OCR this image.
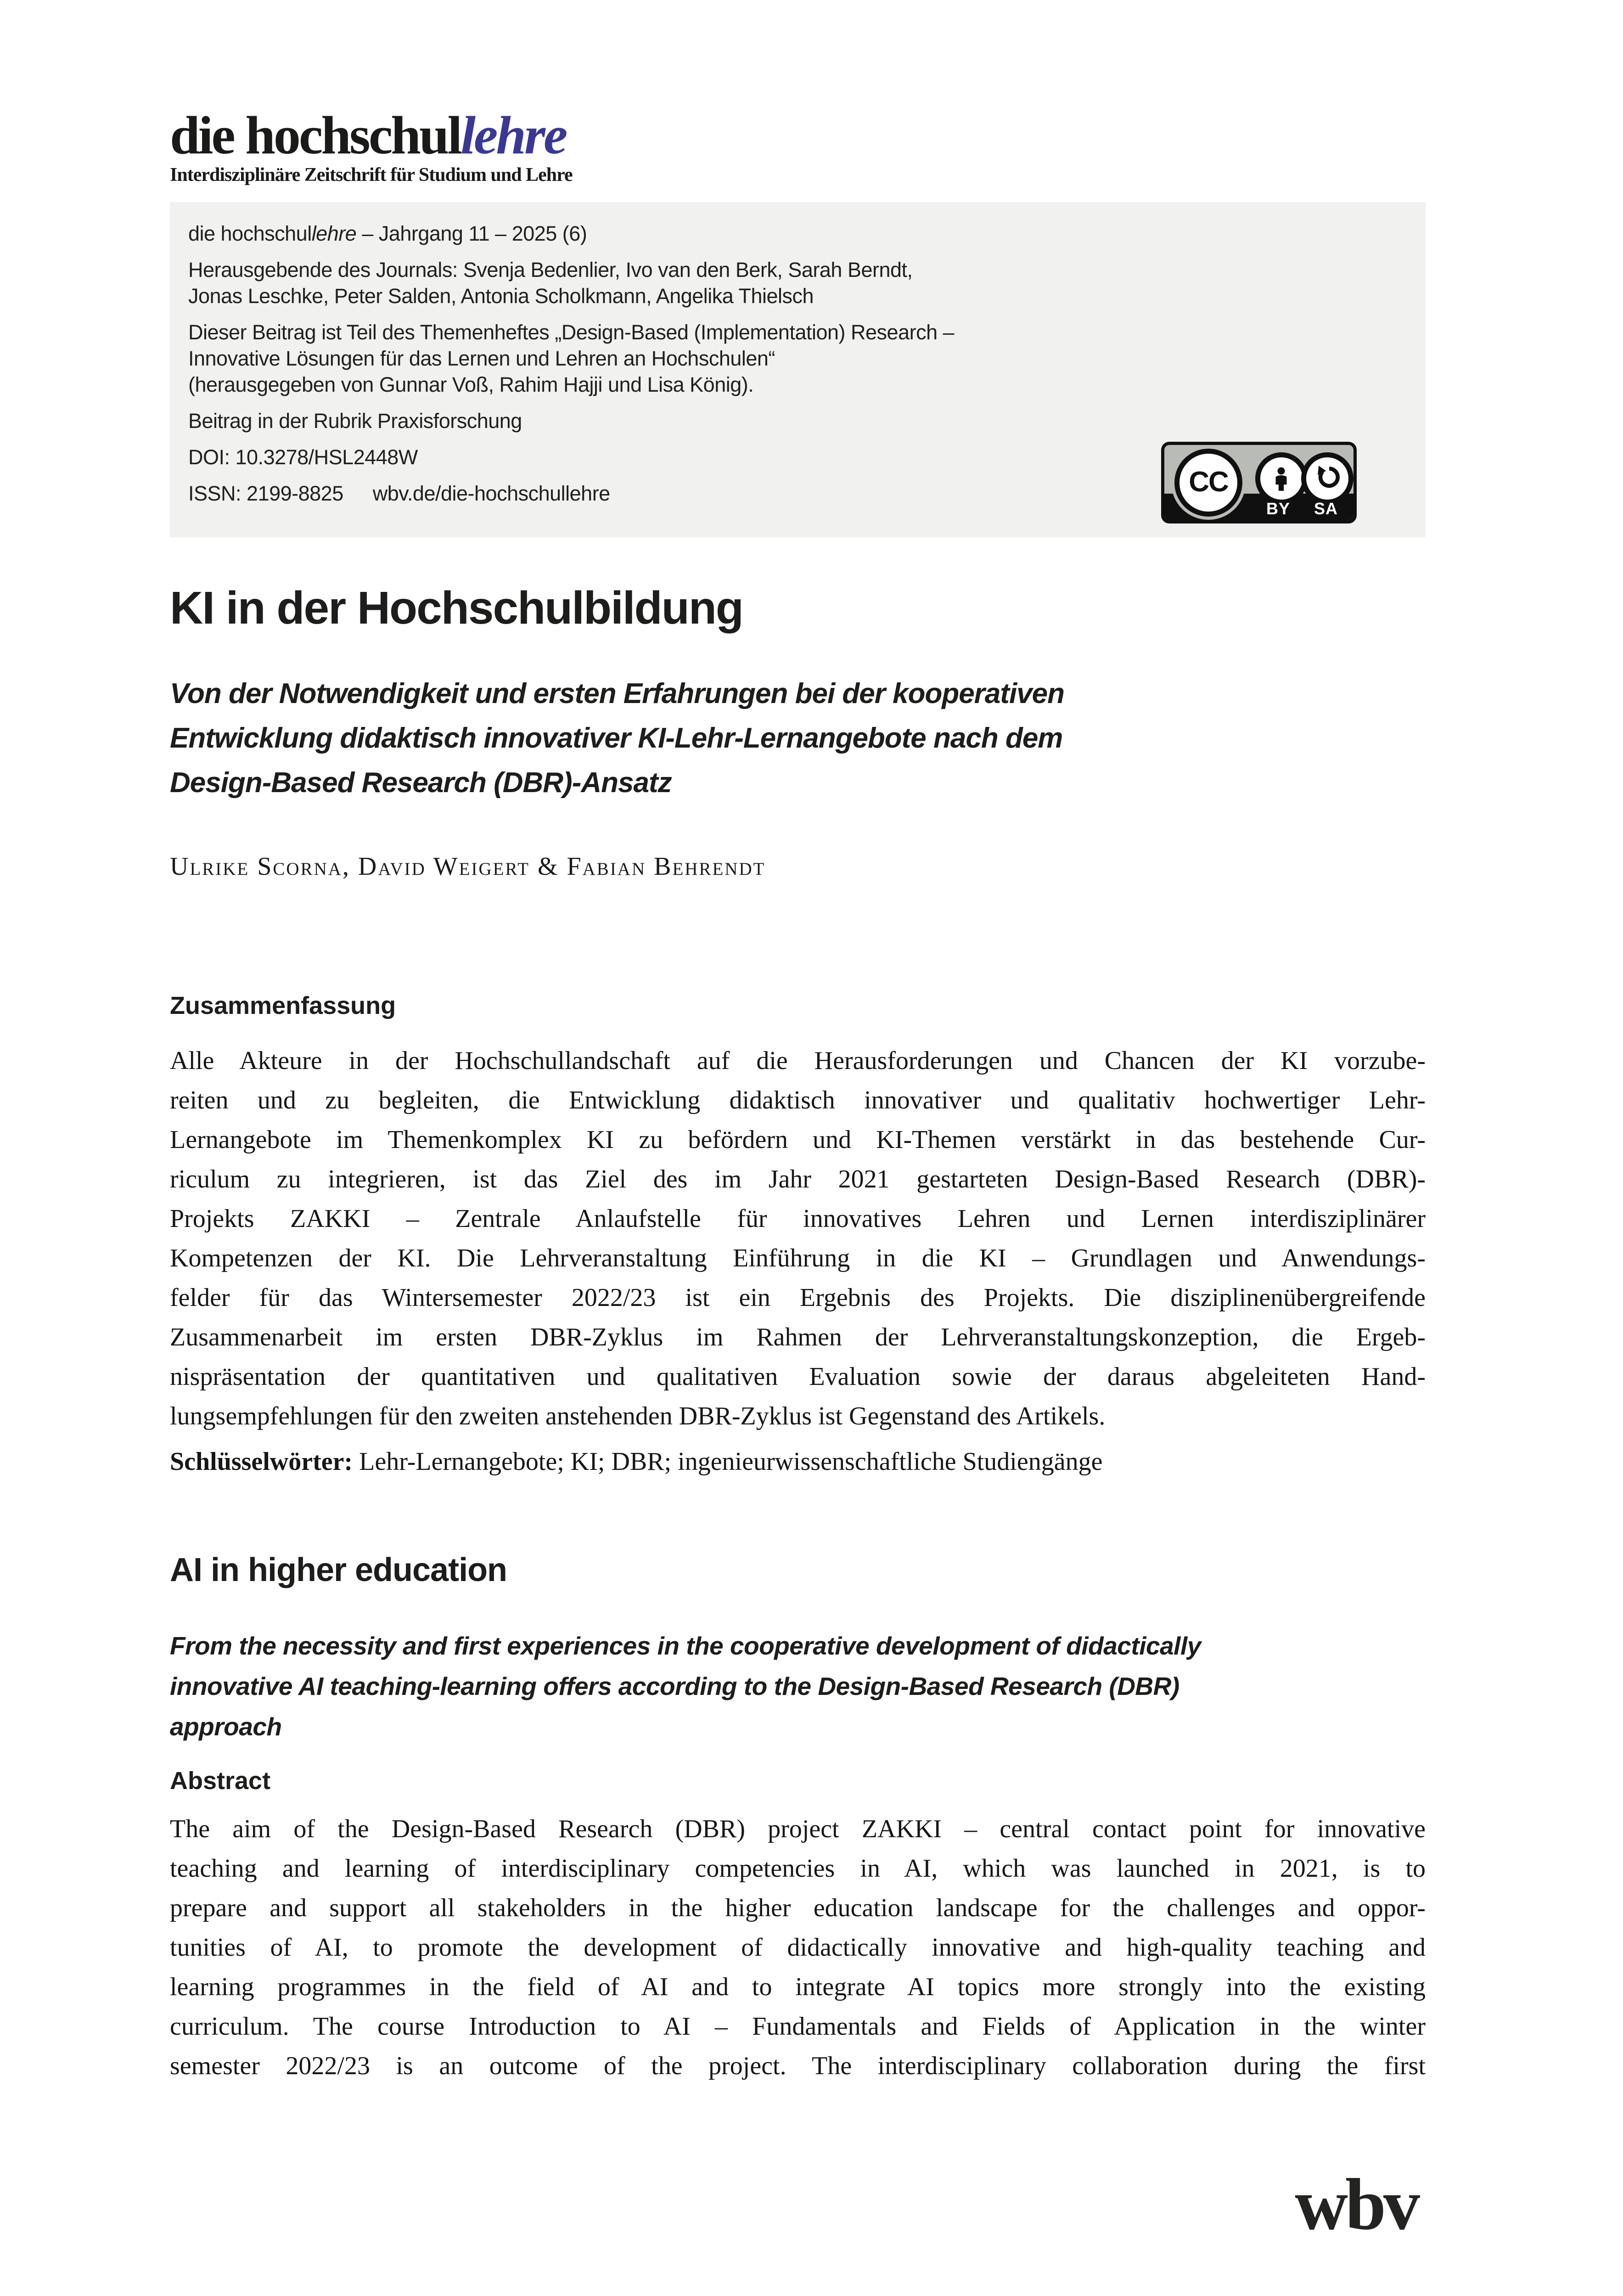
die hochschullehre
Interdisziplinäre Zeitschrift für Studium und Lehre

die hochschullehre – Jahrgang 11 – 2025 (6)

Herausgebende des Journals: Svenja Bedenlier, Ivo van den Berk, Sarah Berndt,
Jonas Leschke, Peter Salden, Antonia Scholkmann, Angelika Thielsch

Dieser Beitrag ist Teil des Themenheftes „Design-Based (Implementation) Research –
Innovative Lösungen für das Lernen und Lehren an Hochschulen“
(herausgegeben von Gunnar Voß, Rahim Hajji und Lisa König).

Beitrag in der Rubrik Praxisforschung

DOI: 10.3278/HSL2448W

ISSN: 2199-8825 wbv.de/die-hochschullehre	CC
BY SA
KI in der Hochschulbildung
Von der Notwendigkeit und ersten Erfahrungen bei der kooperativen
Entwicklung didaktisch innovativer KI-Lehr-Lernangebote nach dem
Design-Based Research (DBR)-Ansatz
Ulrike Scorna, David Weigert & Fabian Behrendt
Zusammenfassung
Alle Akteure in der Hochschullandschaft auf die Herausforderungen und Chancen der KI vorzube-
reiten und zu begleiten, die Entwicklung didaktisch innovativer und qualitativ hochwertiger Lehr-
Lernangebote im Themenkomplex KI zu befördern und KI-Themen verstärkt in das bestehende Cur-
riculum zu integrieren, ist das Ziel des im Jahr 2021 gestarteten Design-Based Research (DBR)-
Projekts ZAKKI – Zentrale Anlaufstelle für innovatives Lehren und Lernen interdisziplinärer
Kompetenzen der KI. Die Lehrveranstaltung Einführung in die KI – Grundlagen und Anwendungs-
felder für das Wintersemester 2022/23 ist ein Ergebnis des Projekts. Die disziplinenübergreifende
Zusammenarbeit im ersten DBR-Zyklus im Rahmen der Lehrveranstaltungskonzeption, die Ergeb-
nispräsentation der quantitativen und qualitativen Evaluation sowie der daraus abgeleiteten Hand-
lungsempfehlungen für den zweiten anstehenden DBR-Zyklus ist Gegenstand des Artikels.
Schlüsselwörter: Lehr-Lernangebote; KI; DBR; ingenieurwissenschaftliche Studiengänge
AI in higher education
From the necessity and first experiences in the cooperative development of didactically
innovative AI teaching-learning offers according to the Design-Based Research (DBR)
approach
Abstract
The aim of the Design-Based Research (DBR) project ZAKKI – central contact point for innovative
teaching and learning of interdisciplinary competencies in AI, which was launched in 2021, is to
prepare and support all stakeholders in the higher education landscape for the challenges and oppor-
tunities of AI, to promote the development of didactically innovative and high-quality teaching and
learning programmes in the field of AI and to integrate AI topics more strongly into the existing
curriculum. The course Introduction to AI – Fundamentals and Fields of Application in the winter
semester 2022/23 is an outcome of the project. The interdisciplinary collaboration during the first
wbv
